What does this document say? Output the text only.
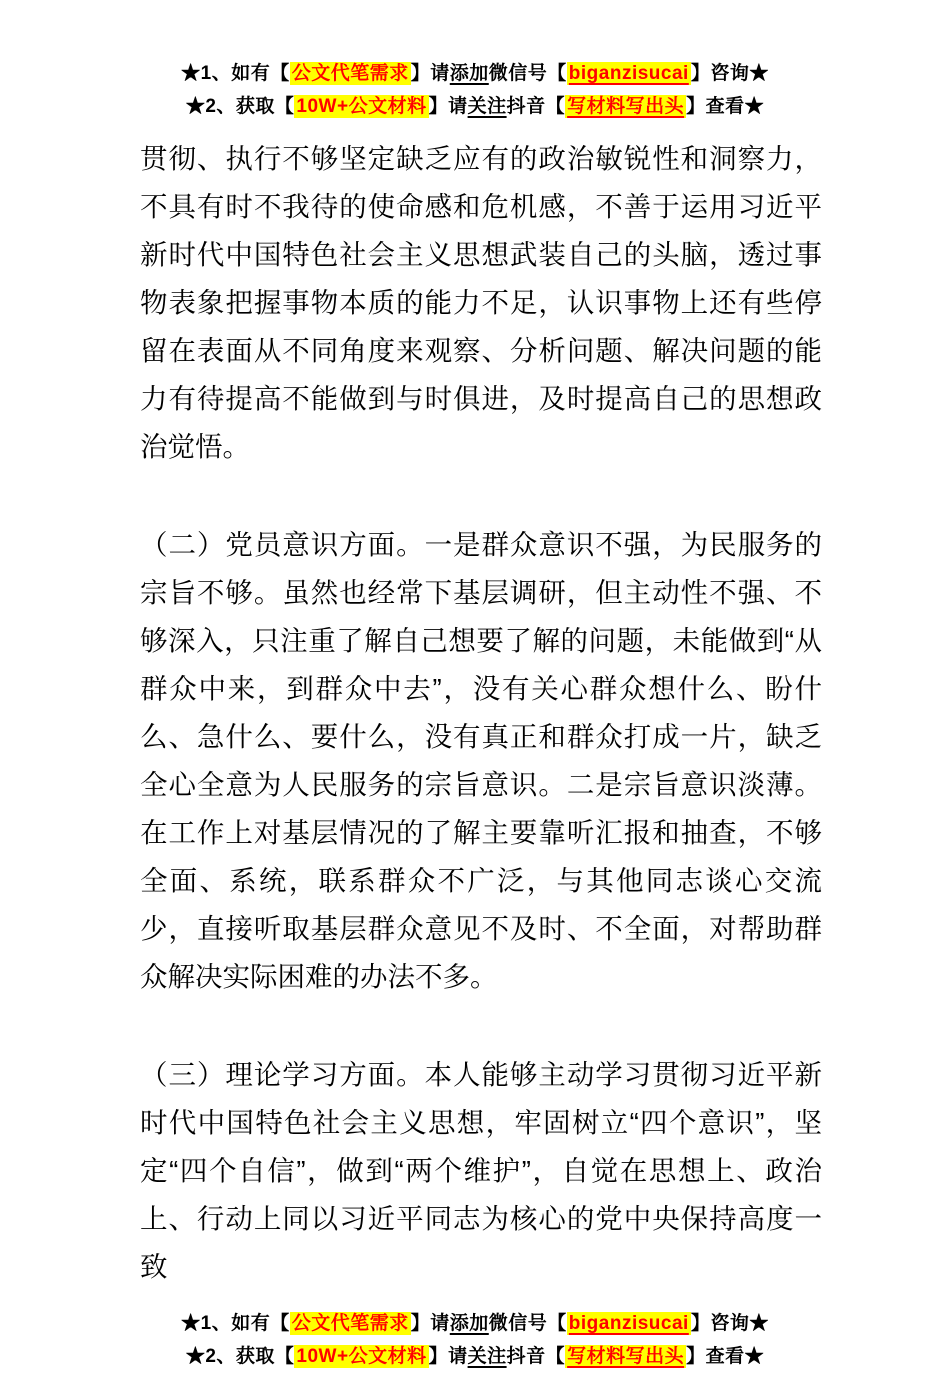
★1、如有【 公文代笔需求 】请添加微信号【 biganzisucai 】咨询★
★2、获取【 10W+公文材料 】请关注抖音【 写材料写出头 】查看★

贯彻、执行不够坚定缺乏应有的政治敏锐性和洞察力，不具有时不我待的使命感和危机感，不善于运用习近平新时代中国特色社会主义思想武装自己的头脑，透过事物表象把握事物本质的能力不足，认识事物上还有些停留在表面从不同角度来观察、分析问题、解决问题的能力有待提高不能做到与时俱进，及时提高自己的思想政治觉悟。

（二）党员意识方面。一是群众意识不强，为民服务的宗旨不够。虽然也经常下基层调研，但主动性不强、不够深入，只注重了解自己想要了解的问题，未能做到“从群众中来，到群众中去”，没有关心群众想什么、盼什么、急什么、要什么，没有真正和群众打成一片，缺乏全心全意为人民服务的宗旨意识。二是宗旨意识淡薄。在工作上对基层情况的了解主要靠听汇报和抽查，不够全面、系统，联系群众不广泛，与其他同志谈心交流少，直接听取基层群众意见不及时、不全面，对帮助群众解决实际困难的办法不多。

（三）理论学习方面。本人能够主动学习贯彻习近平新时代中国特色社会主义思想，牢固树立“四个意识”，坚定“四个自信”，做到“两个维护”，自觉在思想上、政治上、行动上同以习近平同志为核心的党中央保持高度一致

★1、如有【 公文代笔需求 】请添加微信号【 biganzisucai 】咨询★
★2、获取【 10W+公文材料 】请关注抖音【 写材料写出头 】查看★
